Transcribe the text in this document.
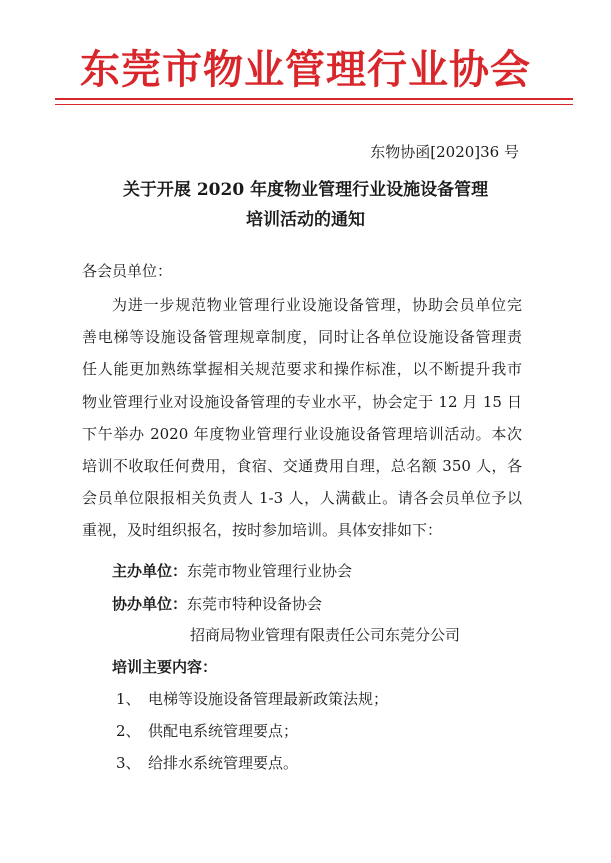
东莞市物业管理行业协会
东物协函[2020]36 号
关于开展 2020 年度物业管理行业设施设备管理
培训活动的通知
各会员单位：
为进一步规范物业管理行业设施设备管理，协助会员单位完
善电梯等设施设备管理规章制度，同时让各单位设施设备管理责
任人能更加熟练掌握相关规范要求和操作标准，以不断提升我市
物业管理行业对设施设备管理的专业水平，协会定于 12 月 15 日
下午举办 2020 年度物业管理行业设施设备管理培训活动。本次
培训不收取任何费用，食宿、交通费用自理，总名额 350 人，各
会员单位限报相关负责人 1-3 人，人满截止。请各会员单位予以
重视，及时组织报名，按时参加培训。具体安排如下：
主办单位：东莞市物业管理行业协会
协办单位：东莞市特种设备协会
招商局物业管理有限责任公司东莞分公司
培训主要内容：
1、 电梯等设施设备管理最新政策法规；
2、 供配电系统管理要点；
3、 给排水系统管理要点。
